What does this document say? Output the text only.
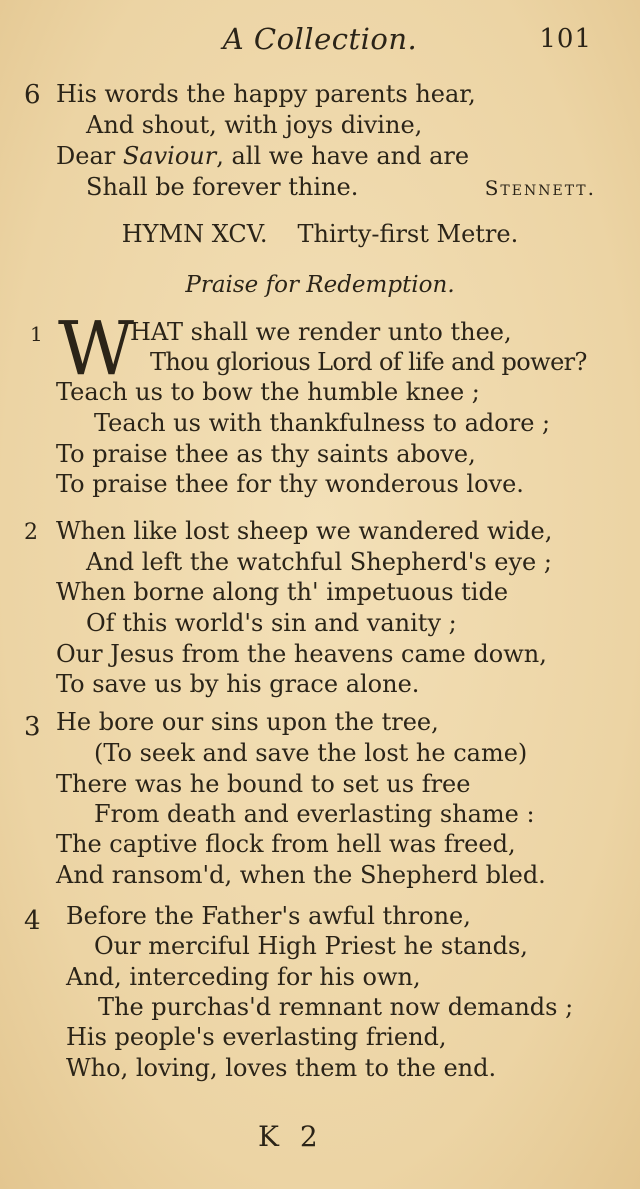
A Collection.	101
6 His words the happy parents hear,
And shout, with joys divine,
Dear Saviour, all we have and are
Shall be forever thine.	Stennett.
HYMN XCV. Thirty-first Metre.
Praise for Redemption.
1 W
HAT shall we render unto thee,
Thou glorious Lord of life and power?
Teach us to bow the humble knee ;
Teach us with thankfulness to adore ;
To praise thee as thy saints above,
To praise thee for thy wonderous love.
2 When like lost sheep we wandered wide,
And left the watchful Shepherd's eye ;
When borne along th' impetuous tide
Of this world's sin and vanity ;
Our Jesus from the heavens came down,
To save us by his grace alone.
3 He bore our sins upon the tree,
(To seek and save the lost he came)
There was he bound to set us free
From death and everlasting shame :
The captive flock from hell was freed,
And ransom'd, when the Shepherd bled.
4 Before the Father's awful throne,
Our merciful High Priest he stands,
And, interceding for his own,
The purchas'd remnant now demands ;
His people's everlasting friend,
Who, loving, loves them to the end.
K 2
